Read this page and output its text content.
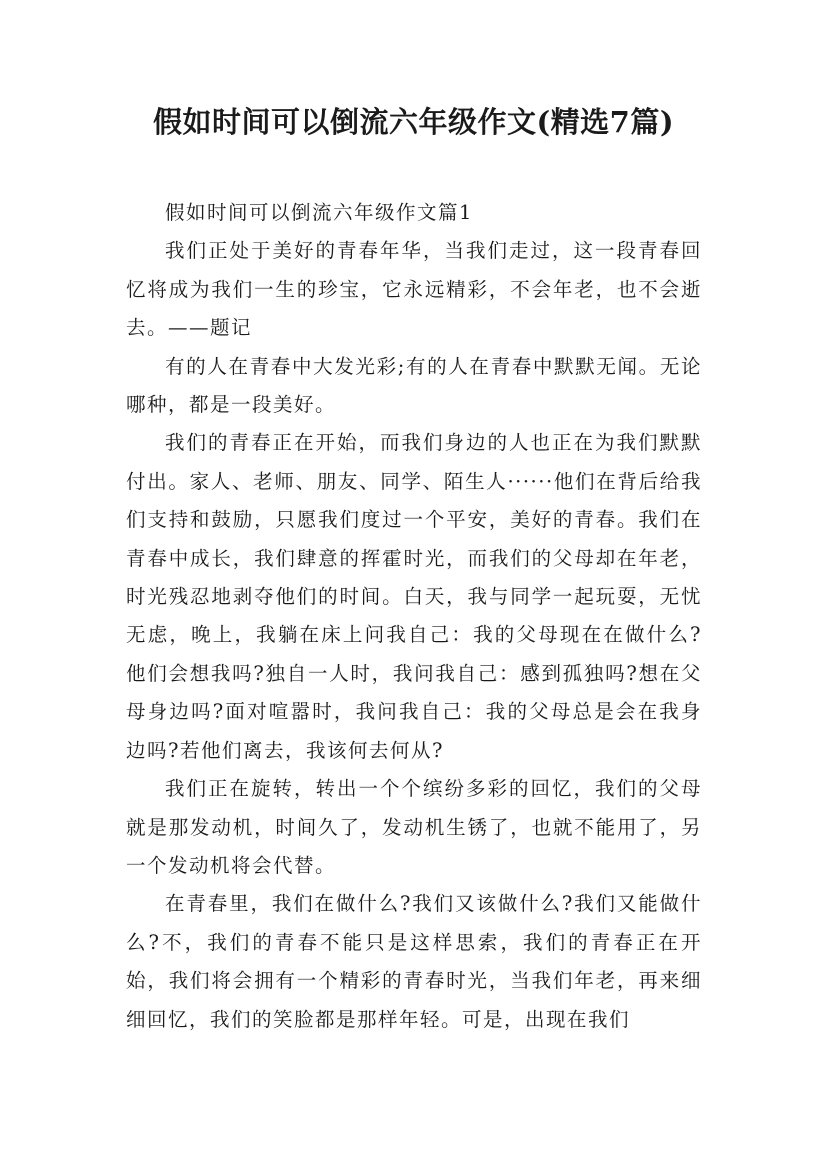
假如时间可以倒流六年级作文(精选7篇)

假如时间可以倒流六年级作文篇1

我们正处于美好的青春年华，当我们走过，这一段青春回忆将成为我们一生的珍宝，它永远精彩，不会年老，也不会逝去。——题记

有的人在青春中大发光彩;有的人在青春中默默无闻。无论哪种，都是一段美好。

我们的青春正在开始，而我们身边的人也正在为我们默默付出。家人、老师、朋友、同学、陌生人······他们在背后给我们支持和鼓励，只愿我们度过一个平安，美好的青春。我们在青春中成长，我们肆意的挥霍时光，而我们的父母却在年老，时光残忍地剥夺他们的时间。白天，我与同学一起玩耍，无忧无虑，晚上，我躺在床上问我自己：我的父母现在在做什么?他们会想我吗?独自一人时，我问我自己：感到孤独吗?想在父母身边吗?面对喧嚣时，我问我自己：我的父母总是会在我身边吗?若他们离去，我该何去何从?

我们正在旋转，转出一个个缤纷多彩的回忆，我们的父母就是那发动机，时间久了，发动机生锈了，也就不能用了，另一个发动机将会代替。

在青春里，我们在做什么?我们又该做什么?我们又能做什么?不，我们的青春不能只是这样思索，我们的青春正在开始，我们将会拥有一个精彩的青春时光，当我们年老，再来细细回忆，我们的笑脸都是那样年轻。可是，出现在我们
